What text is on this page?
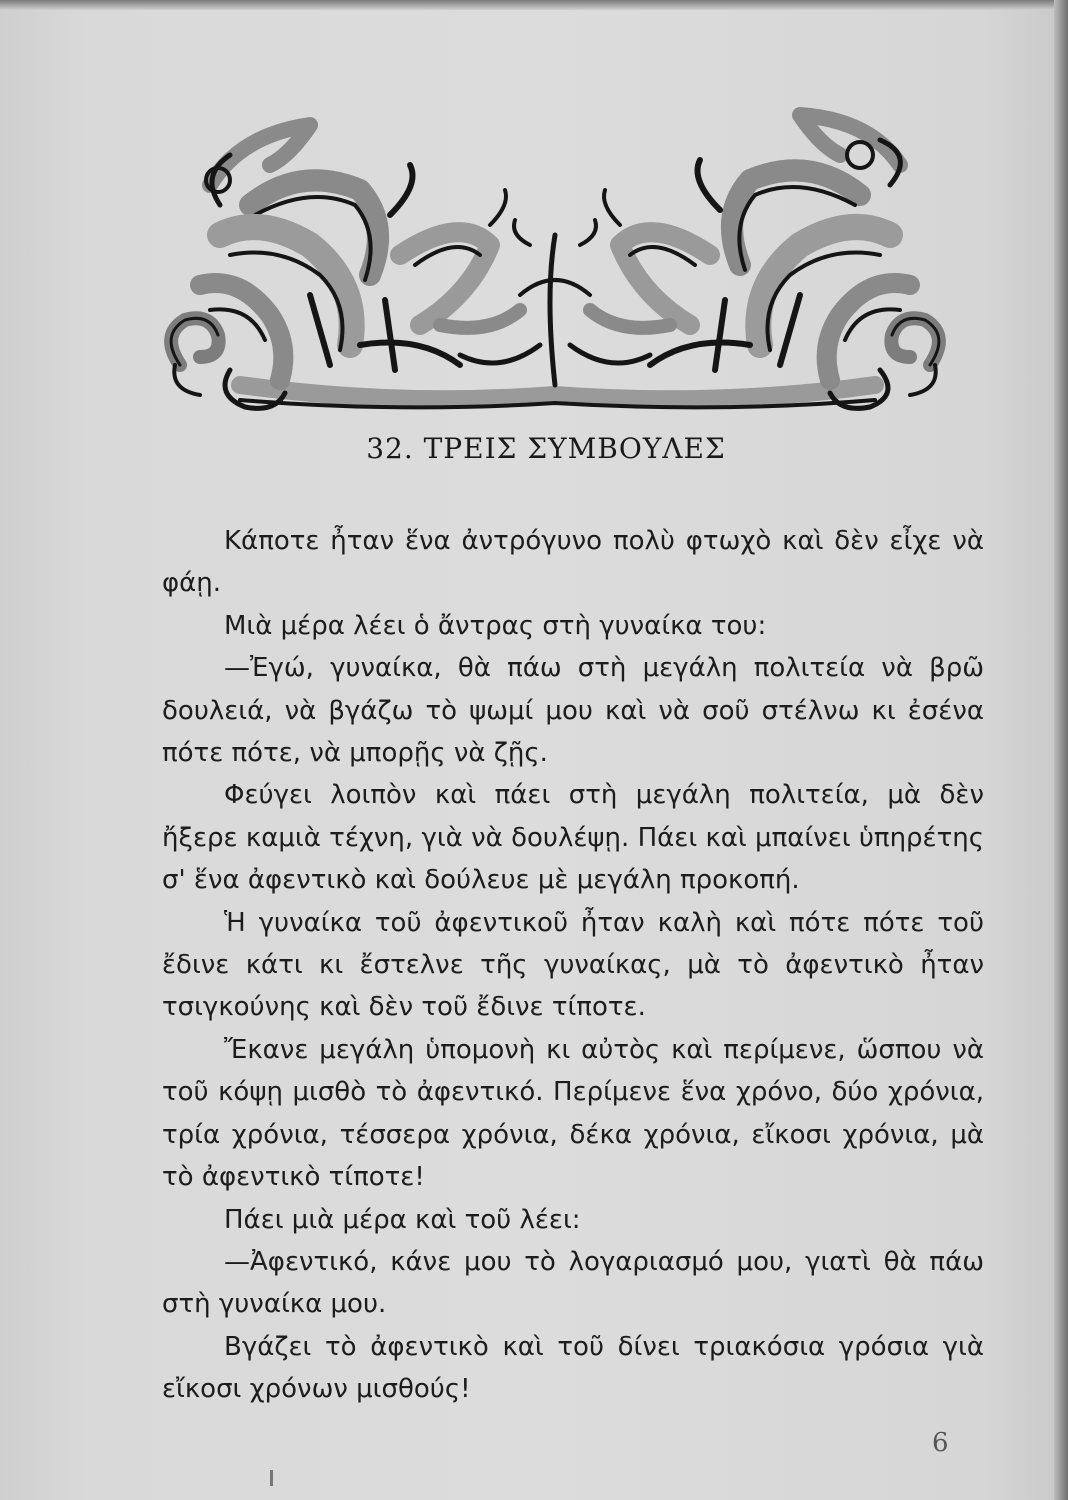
32. ΤΡΕΙΣ ΣΥΜΒΟΥΛΕΣ

Κάποτε ἦταν ἕνα ἀντρόγυνο πολὺ φτωχὸ καὶ δὲν εἶχε νὰ φάῃ.

Μιὰ μέρα λέει ὁ ἄντρας στὴ γυναίκα του:

—Ἐγώ, γυναίκα, θὰ πάω στὴ μεγάλη πολιτεία νὰ βρῶ δουλειά, νὰ βγάζω τὸ ψωμί μου καὶ νὰ σοῦ στέλνω κι ἐσένα πότε πότε, νὰ μπορῇς νὰ ζῇς.

Φεύγει λοιπὸν καὶ πάει στὴ μεγάλη πολιτεία, μὰ δὲν ἤξερε καμιὰ τέχνη, γιὰ νὰ δουλέψῃ. Πάει καὶ μπαίνει ὑπηρέτης σ' ἕνα ἀφεντικὸ καὶ δούλευε μὲ μεγάλη προκοπή.

Ἡ γυναίκα τοῦ ἀφεντικοῦ ἦταν καλὴ καὶ πότε πότε τοῦ ἔδινε κάτι κι ἔστελνε τῆς γυναίκας, μὰ τὸ ἀφεντικὸ ἦταν τσιγκούνης καὶ δὲν τοῦ ἔδινε τίποτε.

Ἔκανε μεγάλη ὑπομονὴ κι αὐτὸς καὶ περίμενε, ὥσπου νὰ τοῦ κόψῃ μισθὸ τὸ ἀφεντικό. Περίμενε ἕνα χρόνο, δύο χρόνια, τρία χρόνια, τέσσερα χρόνια, δέκα χρόνια, εἴκοσι χρόνια, μὰ τὸ ἀφεντικὸ τίποτε!

Πάει μιὰ μέρα καὶ τοῦ λέει:

—Ἀφεντικό, κάνε μου τὸ λογαριασμό μου, γιατὶ θὰ πάω στὴ γυναίκα μου.

Βγάζει τὸ ἀφεντικὸ καὶ τοῦ δίνει τριακόσια γρόσια γιὰ εἴκοσι χρόνων μισθούς!

6
